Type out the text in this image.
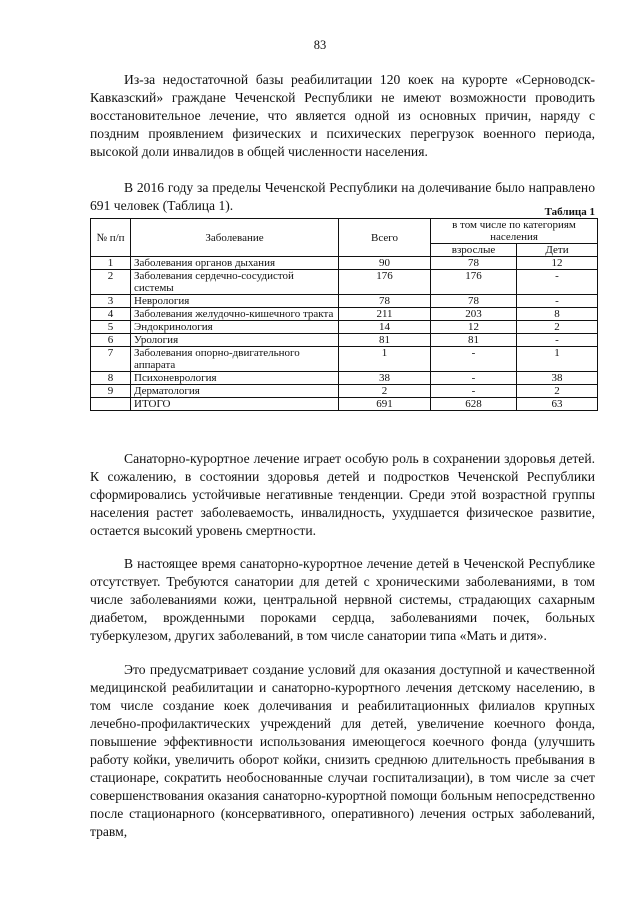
83

Из-за недостаточной базы реабилитации 120 коек на курорте «Серноводск-Кавказский» граждане Чеченской Республики не имеют возможности проводить восстановительное лечение, что является одной из основных причин, наряду с поздним проявлением физических и психических перегрузок военного периода, высокой доли инвалидов в общей численности населения.

В 2016 году за пределы Чеченской Республики на долечивание было направлено 691 человек (Таблица 1).	Таблица 1
№ п/п	Заболевание	Всего	в том числе по категориям населения	
			взрослые	Дети
1	Заболевания органов дыхания	90	78	12
2	Заболевания сердечно-сосудистой системы	176	176	-
3	Неврология	78	78	-
4	Заболевания желудочно-кишечного тракта	211	203	8
5	Эндокринология	14	12	2
6	Урология	81	81	-
7	Заболевания опорно-двигательного аппарата	1	-	1
8	Психоневрология	38	-	38
9	Дерматология	2	-	2
	ИТОГО	691	628	63

Санаторно-курортное лечение играет особую роль в сохранении здоровья детей. К сожалению, в состоянии здоровья детей и подростков Чеченской Республики сформировались устойчивые негативные тенденции. Среди этой возрастной группы населения растет заболеваемость, инвалидность, ухудшается физическое развитие, остается высокий уровень смертности.

В настоящее время санаторно-курортное лечение детей в Чеченской Республике отсутствует. Требуются санатории для детей с хроническими заболеваниями, в том числе заболеваниями кожи, центральной нервной системы, страдающих сахарным диабетом, врожденными пороками сердца, заболеваниями почек, больных туберкулезом, других заболеваний, в том числе санатории типа «Мать и дитя».

Это предусматривает создание условий для оказания доступной и качественной медицинской реабилитации и санаторно-курортного лечения детскому населению, в том числе создание коек долечивания и реабилитационных филиалов крупных лечебно-профилактических учреждений для детей, увеличение коечного фонда, повышение эффективности использования имеющегося коечного фонда (улучшить работу койки, увеличить оборот койки, снизить среднюю длительность пребывания в стационаре, сократить необоснованные случаи госпитализации), в том числе за счет совершенствования оказания санаторно-курортной помощи больным непосредственно после стационарного (консервативного, оперативного) лечения острых заболеваний, травм,
